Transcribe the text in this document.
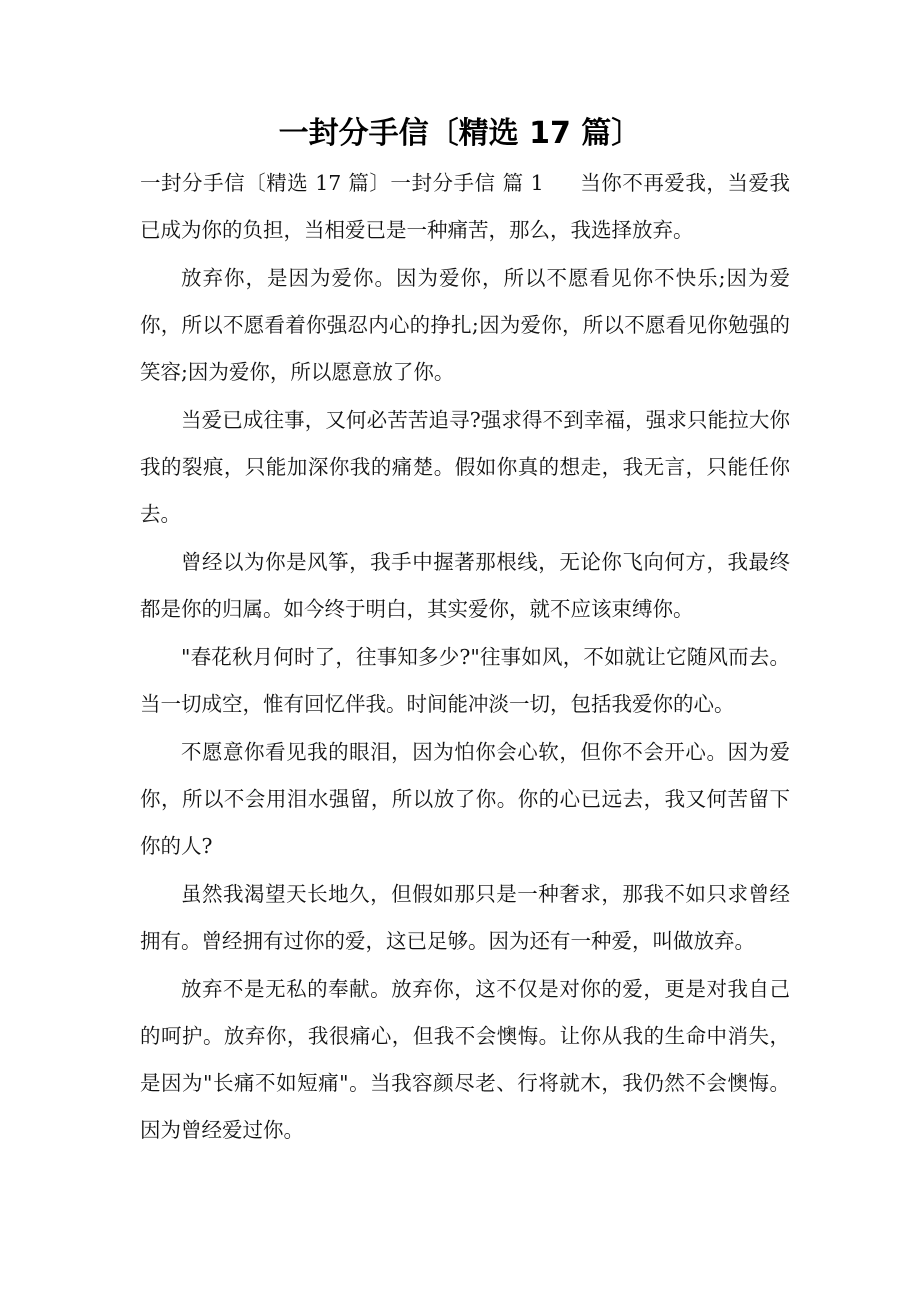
一封分手信〔精选 17 篇〕

一封分手信〔精选 17 篇〕一封分手信 篇 1 当你不再爱我，当爱我已成为你的负担，当相爱已是一种痛苦，那么，我选择放弃。

放弃你，是因为爱你。因为爱你，所以不愿看见你不快乐;因为爱你，所以不愿看着你强忍内心的挣扎;因为爱你，所以不愿看见你勉强的笑容;因为爱你，所以愿意放了你。

当爱已成往事，又何必苦苦追寻?强求得不到幸福，强求只能拉大你我的裂痕，只能加深你我的痛楚。假如你真的想走，我无言，只能任你去。

曾经以为你是风筝，我手中握著那根线，无论你飞向何方，我最终都是你的归属。如今终于明白，其实爱你，就不应该束缚你。

"春花秋月何时了，往事知多少?"往事如风，不如就让它随风而去。当一切成空，惟有回忆伴我。时间能冲淡一切，包括我爱你的心。

不愿意你看见我的眼泪，因为怕你会心软，但你不会开心。因为爱你，所以不会用泪水强留，所以放了你。你的心已远去，我又何苦留下你的人?

虽然我渴望天长地久，但假如那只是一种奢求，那我不如只求曾经拥有。曾经拥有过你的爱，这已足够。因为还有一种爱，叫做放弃。

放弃不是无私的奉献。放弃你，这不仅是对你的爱，更是对我自己的呵护。放弃你，我很痛心，但我不会懊悔。让你从我的生命中消失，是因为"长痛不如短痛"。当我容颜尽老、行将就木，我仍然不会懊悔。因为曾经爱过你。
